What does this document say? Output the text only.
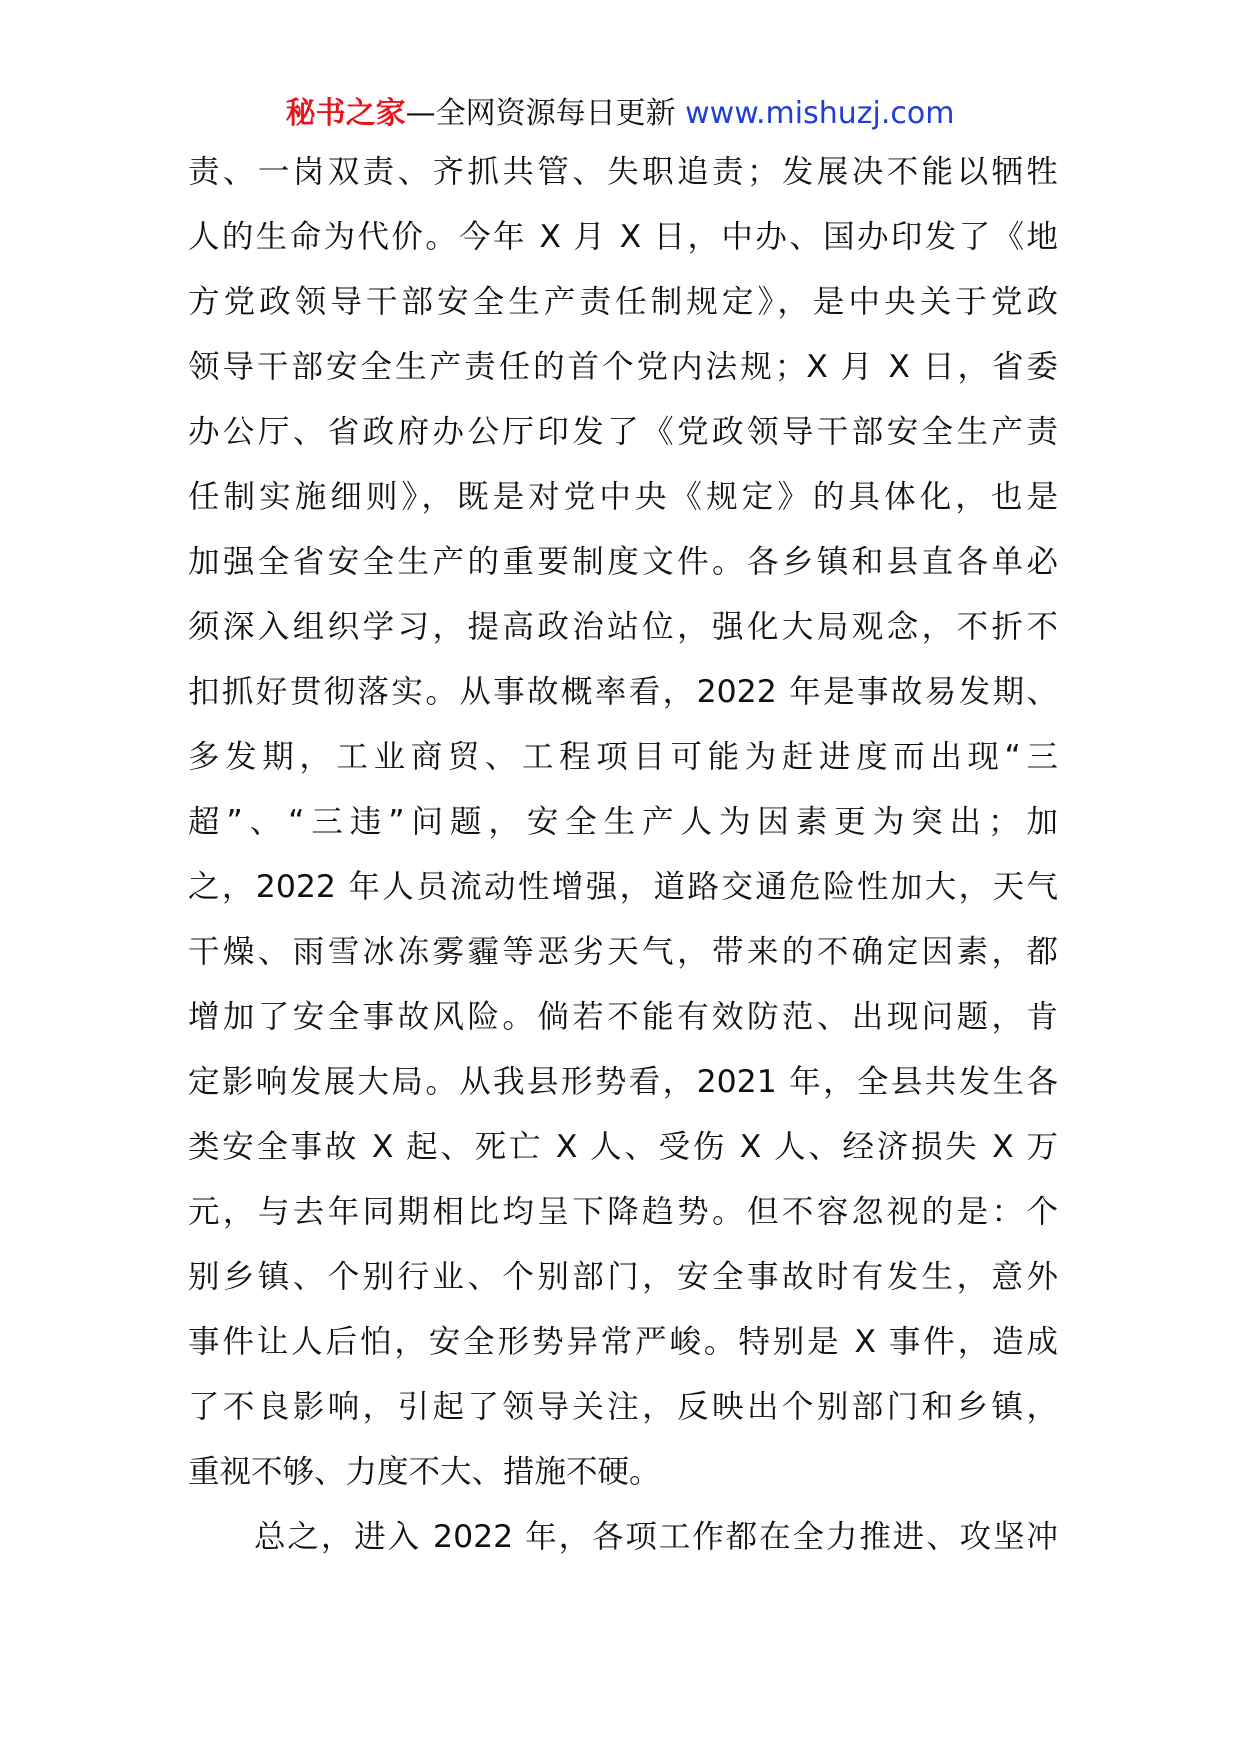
秘书之家—全网资源每日更新 www.mishuzj.com
责、一岗双责、齐抓共管、失职追责；发展决不能以牺牲
人的生命为代价。今年 X 月 X 日，中办、国办印发了《地
方党政领导干部安全生产责任制规定》，是中央关于党政
领导干部安全生产责任的首个党内法规；X 月 X 日，省委
办公厅、省政府办公厅印发了《党政领导干部安全生产责
任制实施细则》，既是对党中央《规定》的具体化，也是
加强全省安全生产的重要制度文件。各乡镇和县直各单必
须深入组织学习，提高政治站位，强化大局观念，不折不
扣抓好贯彻落实。从事故概率看，2022 年是事故易发期、
多发期，工业商贸、工程项目可能为赶进度而出现“三
超”、“三违”问题，安全生产人为因素更为突出；加
之，2022 年人员流动性增强，道路交通危险性加大，天气
干燥、雨雪冰冻雾霾等恶劣天气，带来的不确定因素，都
增加了安全事故风险。倘若不能有效防范、出现问题，肯
定影响发展大局。从我县形势看，2021 年，全县共发生各
类安全事故 X 起、死亡 X 人、受伤 X 人、经济损失 X 万
元，与去年同期相比均呈下降趋势。但不容忽视的是：个
别乡镇、个别行业、个别部门，安全事故时有发生，意外
事件让人后怕，安全形势异常严峻。特别是 X 事件，造成
了不良影响，引起了领导关注，反映出个别部门和乡镇，
重视不够、力度不大、措施不硬。
总之，进入 2022 年，各项工作都在全力推进、攻坚冲
